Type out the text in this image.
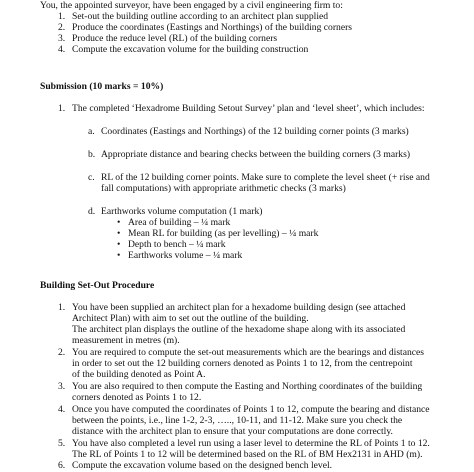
You, the appointed surveyor, have been engaged by a civil engineering firm to:
1. Set-out the building outline according to an architect plan supplied
2. Produce the coordinates (Eastings and Northings) of the building corners
3. Produce the reduce level (RL) of the building corners
4. Compute the excavation volume for the building construction
Submission (10 marks = 10%)
1. The completed ‘Hexadrome Building Setout Survey’ plan and ‘level sheet’, which includes:
a. Coordinates (Eastings and Northings) of the 12 building corner points (3 marks)
b. Appropriate distance and bearing checks between the building corners (3 marks)
c. RL of the 12 building corner points. Make sure to complete the level sheet (+ rise and
fall computations) with appropriate arithmetic checks (3 marks)
d. Earthworks volume computation (1 mark)
• Area of building – ¼ mark
• Mean RL for building (as per levelling) – ¼ mark
• Depth to bench – ¼ mark
• Earthworks volume – ¼ mark
Building Set-Out Procedure
1. You have been supplied an architect plan for a hexadome building design (see attached
Architect Plan) with aim to set out the outline of the building.
The architect plan displays the outline of the hexadome shape along with its associated
measurement in metres (m).
2. You are required to compute the set-out measurements which are the bearings and distances
in order to set out the 12 building corners denoted as Points 1 to 12, from the centrepoint
of the building denoted as Point A.
3. You are also required to then compute the Easting and Northing coordinates of the building
corners denoted as Points 1 to 12.
4. Once you have computed the coordinates of Points 1 to 12, compute the bearing and distance
between the points, i.e., line 1-2, 2-3, ….., 10-11, and 11-12. Make sure you check the
distance with the architect plan to ensure that your computations are done correctly.
5. You have also completed a level run using a laser level to determine the RL of Points 1 to 12.
The RL of Points 1 to 12 will be determined based on the RL of BM Hex2131 in AHD (m).
6. Compute the excavation volume based on the designed bench level.
